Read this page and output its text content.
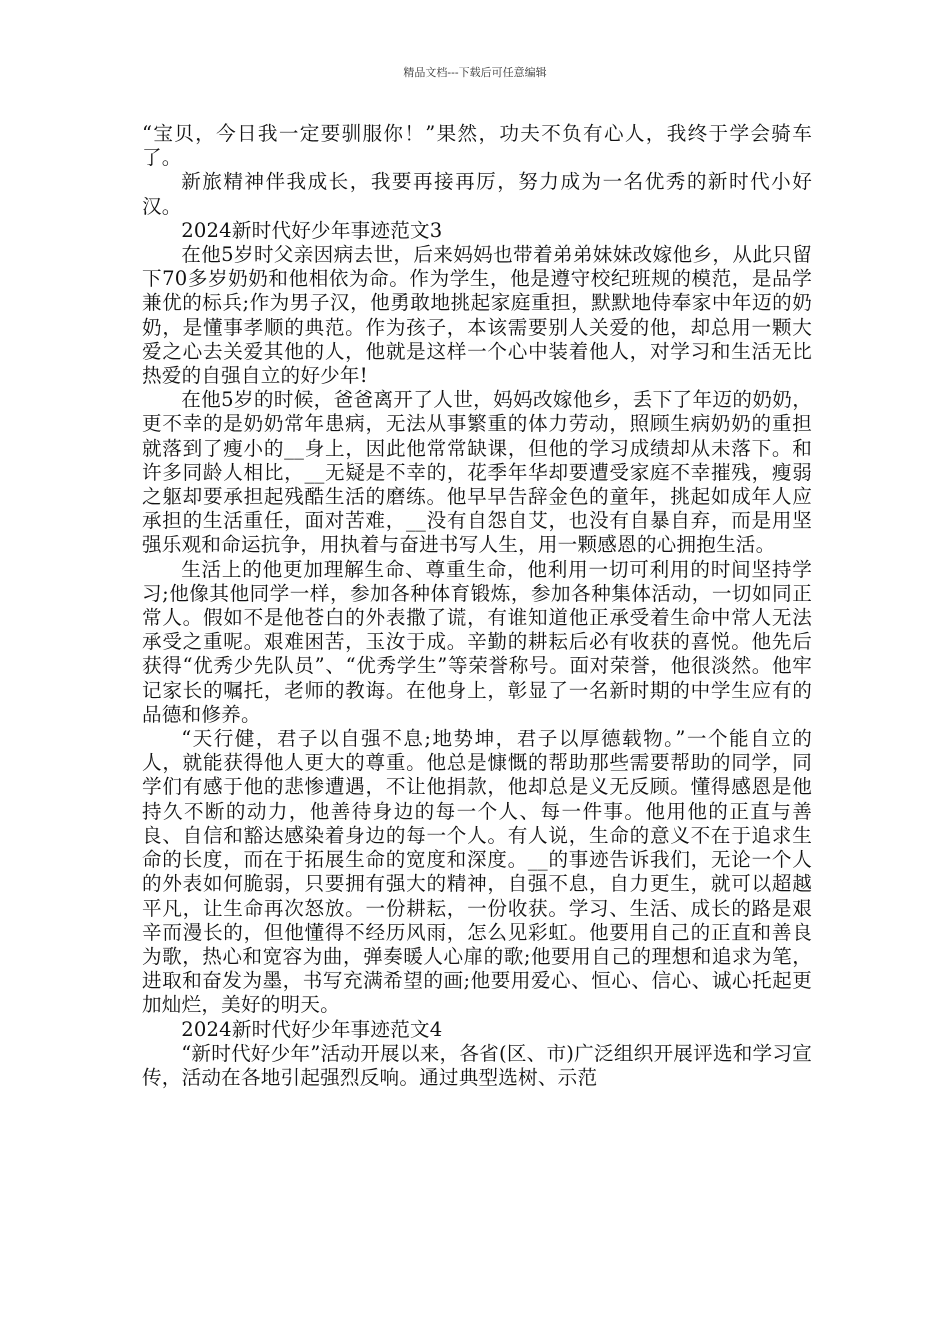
精品文档---下载后可任意编辑

“宝贝，今日我一定要驯服你！”果然，功夫不负有心人，我终于学会骑车了。

新旅精神伴我成长，我要再接再厉，努力成为一名优秀的新时代小好汉。

2024新时代好少年事迹范文3

在他5岁时父亲因病去世，后来妈妈也带着弟弟妹妹改嫁他乡，从此只留下70多岁奶奶和他相依为命。作为学生，他是遵守校纪班规的模范，是品学兼优的标兵;作为男子汉，他勇敢地挑起家庭重担，默默地侍奉家中年迈的奶奶，是懂事孝顺的典范。作为孩子，本该需要别人关爱的他，却总用一颗大爱之心去关爱其他的人，他就是这样一个心中装着他人，对学习和生活无比热爱的自强自立的好少年!

在他5岁的时候，爸爸离开了人世，妈妈改嫁他乡，丢下了年迈的奶奶，更不幸的是奶奶常年患病，无法从事繁重的体力劳动，照顾生病奶奶的重担就落到了瘦小的__身上，因此他常常缺课，但他的学习成绩却从未落下。和许多同龄人相比，__无疑是不幸的，花季年华却要遭受家庭不幸摧残，瘦弱之躯却要承担起残酷生活的磨练。他早早告辞金色的童年，挑起如成年人应承担的生活重任，面对苦难，__没有自怨自艾，也没有自暴自弃，而是用坚强乐观和命运抗争，用执着与奋进书写人生，用一颗感恩的心拥抱生活。

生活上的他更加理解生命、尊重生命，他利用一切可利用的时间坚持学习;他像其他同学一样，参加各种体育锻炼，参加各种集体活动，一切如同正常人。假如不是他苍白的外表撒了谎，有谁知道他正承受着生命中常人无法承受之重呢。艰难困苦，玉汝于成。辛勤的耕耘后必有收获的喜悦。他先后获得“优秀少先队员”、“优秀学生”等荣誉称号。面对荣誉，他很淡然。他牢记家长的嘱托，老师的教诲。在他身上，彰显了一名新时期的中学生应有的品德和修养。

“天行健，君子以自强不息;地势坤，君子以厚德载物。”一个能自立的人，就能获得他人更大的尊重。他总是慷慨的帮助那些需要帮助的同学，同学们有感于他的悲惨遭遇，不让他捐款，他却总是义无反顾。懂得感恩是他持久不断的动力，他善待身边的每一个人、每一件事。他用他的正直与善良、自信和豁达感染着身边的每一个人。有人说，生命的意义不在于追求生命的长度，而在于拓展生命的宽度和深度。__的事迹告诉我们，无论一个人的外表如何脆弱，只要拥有强大的精神，自强不息，自力更生，就可以超越平凡，让生命再次怒放。一份耕耘，一份收获。学习、生活、成长的路是艰辛而漫长的，但他懂得不经历风雨，怎么见彩虹。他要用自己的正直和善良为歌，热心和宽容为曲，弹奏暖人心扉的歌;他要用自己的理想和追求为笔，进取和奋发为墨，书写充满希望的画;他要用爱心、恒心、信心、诚心托起更加灿烂，美好的明天。

2024新时代好少年事迹范文4

“新时代好少年”活动开展以来，各省(区、市)广泛组织开展评选和学习宣传，活动在各地引起强烈反响。通过典型选树、示范
